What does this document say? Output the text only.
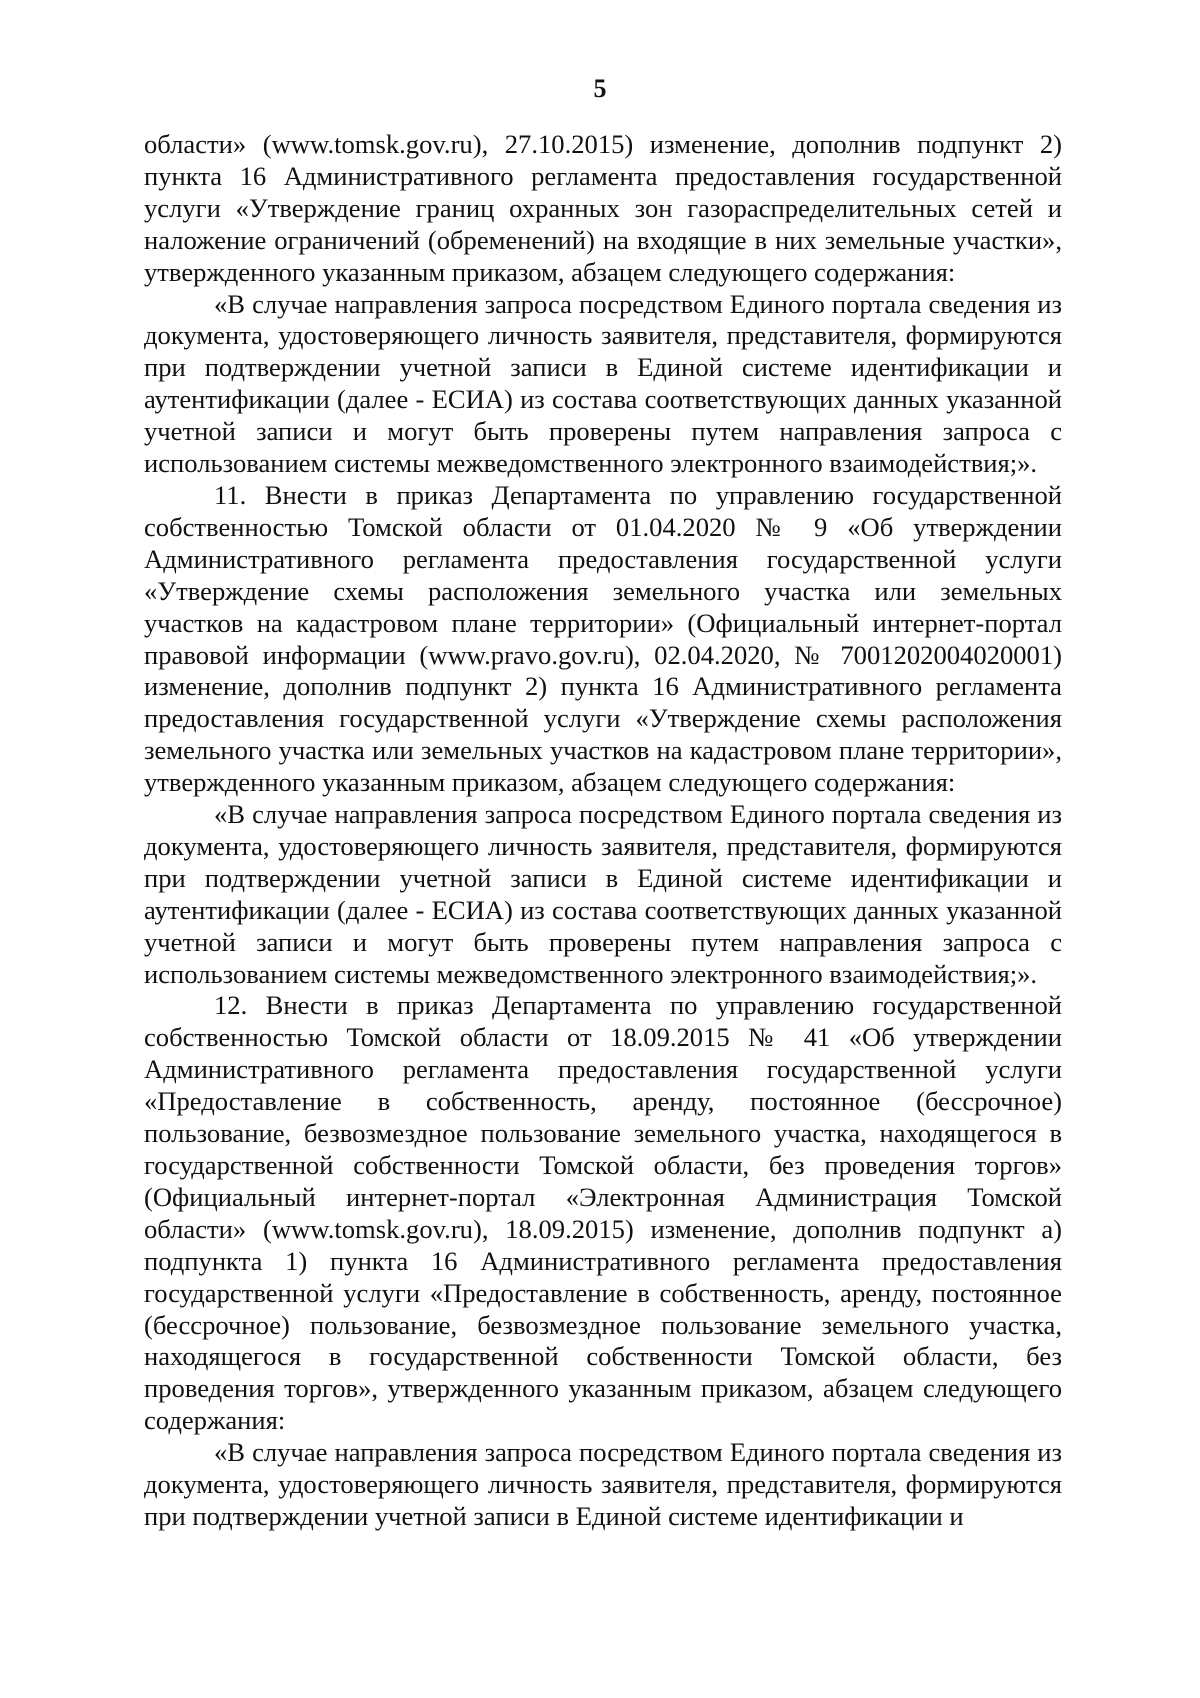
5

области» (www.tomsk.gov.ru), 27.10.2015) изменение, дополнив подпункт 2) пункта 16 Административного регламента предоставления государственной услуги «Утверждение границ охранных зон газораспределительных сетей и наложение ограничений (обременений) на входящие в них земельные участки», утвержденного указанным приказом, абзацем следующего содержания:

«В случае направления запроса посредством Единого портала сведения из документа, удостоверяющего личность заявителя, представителя, формируются при подтверждении учетной записи в Единой системе идентификации и аутентификации (далее - ЕСИА) из состава соответствующих данных указанной учетной записи и могут быть проверены путем направления запроса с использованием системы межведомственного электронного взаимодействия;».

11. Внести в приказ Департамента по управлению государственной собственностью Томской области от 01.04.2020 № 9 «Об утверждении Административного регламента предоставления государственной услуги «Утверждение схемы расположения земельного участка или земельных участков на кадастровом плане территории» (Официальный интернет-портал правовой информации (www.pravo.gov.ru), 02.04.2020, № 7001202004020001) изменение, дополнив подпункт 2) пункта 16 Административного регламента предоставления государственной услуги «Утверждение схемы расположения земельного участка или земельных участков на кадастровом плане территории», утвержденного указанным приказом, абзацем следующего содержания:

«В случае направления запроса посредством Единого портала сведения из документа, удостоверяющего личность заявителя, представителя, формируются при подтверждении учетной записи в Единой системе идентификации и аутентификации (далее - ЕСИА) из состава соответствующих данных указанной учетной записи и могут быть проверены путем направления запроса с использованием системы межведомственного электронного взаимодействия;».

12. Внести в приказ Департамента по управлению государственной собственностью Томской области от 18.09.2015 № 41 «Об утверждении Административного регламента предоставления государственной услуги «Предоставление в собственность, аренду, постоянное (бессрочное) пользование, безвозмездное пользование земельного участка, находящегося в государственной собственности Томской области, без проведения торгов» (Официальный интернет-портал «Электронная Администрация Томской области» (www.tomsk.gov.ru), 18.09.2015) изменение, дополнив подпункт а) подпункта 1) пункта 16 Административного регламента предоставления государственной услуги «Предоставление в собственность, аренду, постоянное (бессрочное) пользование, безвозмездное пользование земельного участка, находящегося в государственной собственности Томской области, без проведения торгов», утвержденного указанным приказом, абзацем следующего содержания:

«В случае направления запроса посредством Единого портала сведения из документа, удостоверяющего личность заявителя, представителя, формируются при подтверждении учетной записи в Единой системе идентификации и
